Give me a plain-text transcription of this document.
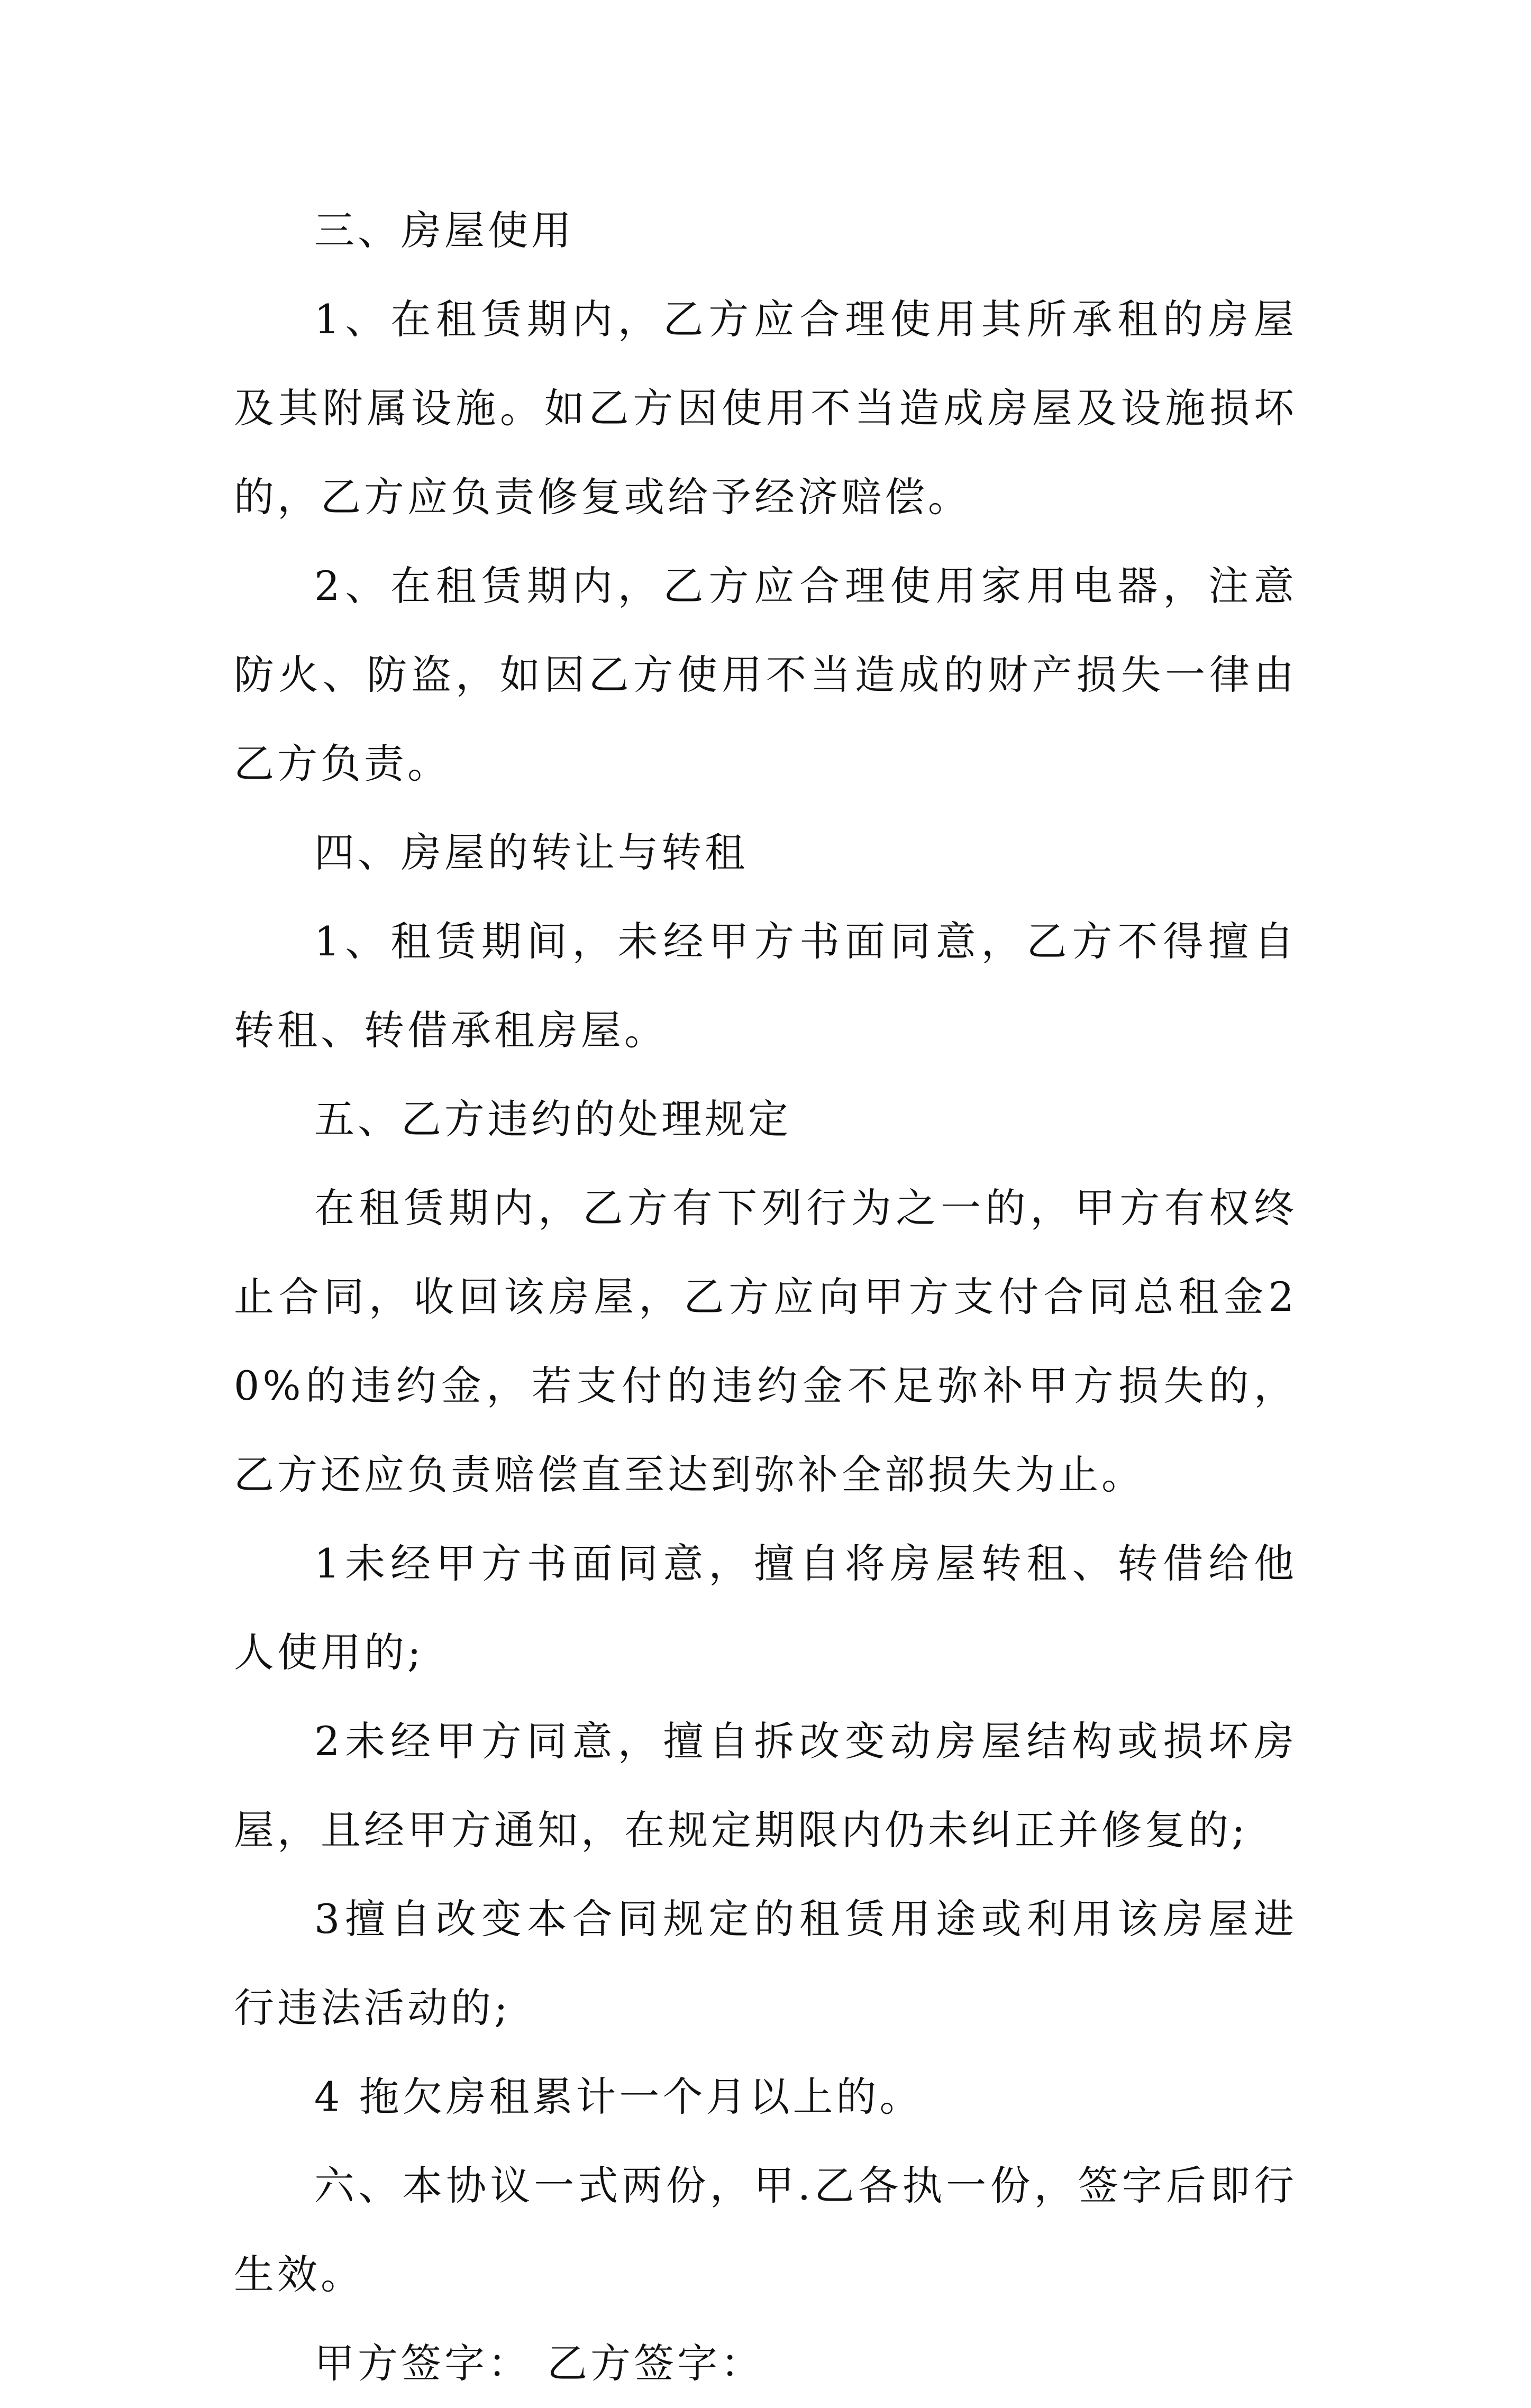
三、房屋使用

1、在租赁期内，乙方应合理使用其所承租的房屋及其附属设施。如乙方因使用不当造成房屋及设施损坏的，乙方应负责修复或给予经济赔偿。

2、在租赁期内，乙方应合理使用家用电器，注意防火、防盗，如因乙方使用不当造成的财产损失一律由乙方负责。

四、房屋的转让与转租

1、租赁期间，未经甲方书面同意，乙方不得擅自转租、转借承租房屋。

五、乙方违约的处理规定

在租赁期内，乙方有下列行为之一的，甲方有权终止合同，收回该房屋，乙方应向甲方支付合同总租金20%的违约金，若支付的违约金不足弥补甲方损失的，乙方还应负责赔偿直至达到弥补全部损失为止。

1未经甲方书面同意，擅自将房屋转租、转借给他人使用的;

2未经甲方同意，擅自拆改变动房屋结构或损坏房屋，且经甲方通知，在规定期限内仍未纠正并修复的;

3擅自改变本合同规定的租赁用途或利用该房屋进行违法活动的;

4 拖欠房租累计一个月以上的。

六、本协议一式两份，甲.乙各执一份，签字后即行生效。

甲方签字： 乙方签字：
